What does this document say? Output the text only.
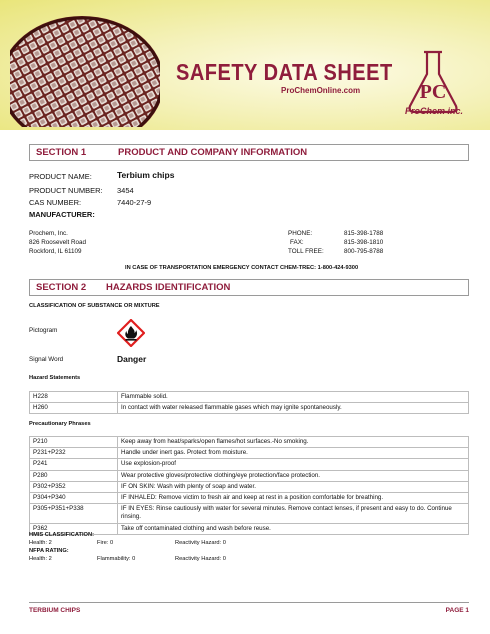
SAFETY DATA SHEET
ProChemOnline.com	PC
ProChem inc.
SECTION 1	PRODUCT AND COMPANY INFORMATION
PRODUCT NAME:	Terbium chips
PRODUCT NUMBER: 3454
CAS NUMBER:	7440-27-9
MANUFACTURER:
Prochem, Inc.
826 Roosevelt Road
Rockford, IL 61109
PHONE:	815-398-1788
FAX:	815-398-1810
TOLL FREE:	800-795-8788
IN CASE OF TRANSPORTATION EMERGENCY CONTACT CHEM-TREC: 1-800-424-9300
SECTION 2 HAZARDS IDENTIFICATION
CLASSIFICATION OF SUBSTANCE OR MIXTURE
Pictogram
Signal Word	Danger
Hazard Statements
H228	Flammable solid.
H260	In contact with water released flammable gases which may ignite spontaneously.
Precautionary Phrases
P210	Keep away from heat/sparks/open flames/hot surfaces.-No smoking.
P231+P232	Handle under inert gas. Protect from moisture.
P241	Use explosion-proof
P280	Wear protective gloves/protective clothing/eye protection/face protection.
P302+P352	IF ON SKIN: Wash with plenty of soap and water.
P304+P340	IF INHALED: Remove victim to fresh air and keep at rest in a position comfortable for breathing.
P305+P351+P338	IF IN EYES: Rinse cautiously with water for several minutes. Remove contact lenses, if present and easy to do. Continue rinsing.
P362	Take off contaminated clothing and wash before reuse.
HMIS CLASSIFICATION:
Health: 2	Fire: 0	Reactivity Hazard: 0
NFPA RATING:
Health: 2	Flammability: 0	Reactivity Hazard: 0
TERBIUM CHIPS	PAGE 1
